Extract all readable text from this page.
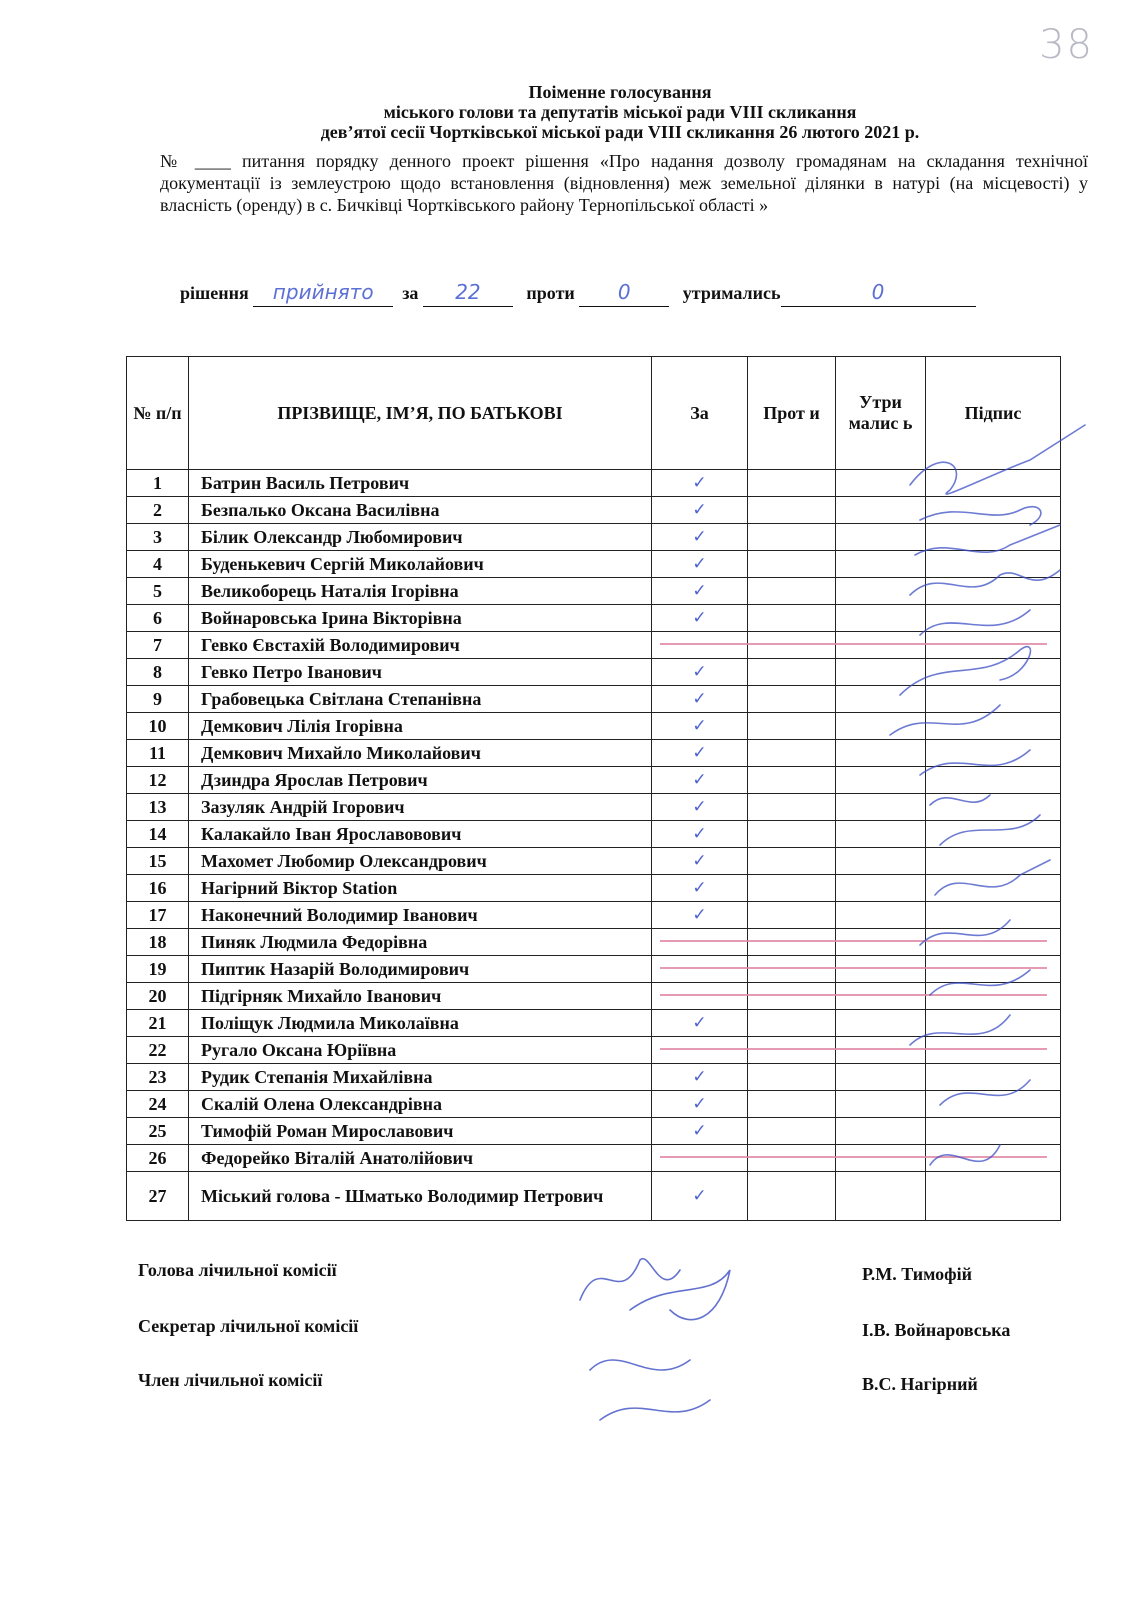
38

Поіменне голосування

міського голови та депутатів міської ради VIII скликання

дев’ятої сесії Чортківської міської ради VIII скликання 26 лютого 2021 р.

№ ____ питання порядку денного проект рішення «Про надання дозволу громадянам на складання технічної документації із землеустрою щодо встановлення (відновлення) меж земельної ділянки в натурі (на місцевості) у власність (оренду) в с. Бичківці Чортківського району Тернопільської області »
рішення прийнято за 22	проти 0	утримались	0
№ п/п	ПРІЗВИЩЕ, ІМ’Я, ПО БАТЬКОВІ	За	Прот и	Утри малис ь	Підпис
1	Батрин Василь Петрович	✓			
2	Безпалько Оксана Василівна	✓			
3	Білик Олександр Любомирович	✓			
4	Буденькевич Сергій Миколайович	✓			
5	Великоборець Наталія Ігорівна	✓			
6	Войнаровська Ірина Вікторівна	✓			
7	Гевко Євстахій Володимирович	

8	Гевко Петро Іванович	✓			
9	Грабовецька Світлана Степанівна	✓			
10	Демкович Лілія Ігорівна	✓			
11	Демкович Михайло Миколайович	✓			
12	Дзиндра Ярослав Петрович	✓			
13	Зазуляк Андрій Ігорович	✓			
14	Калакайло Іван Ярославовович	✓			
15	Махомет Любомир Олександрович	✓			
16	Нагірний Віктор Station	✓			
17	Наконечний Володимир Іванович	✓			
18	Пиняк Людмила Федорівна	

19	Пиптик Назарій Володимирович	

20	Підгірняк Михайло Іванович	

21	Поліщук Людмила Миколаївна	✓			
22	Ругало Оксана Юріївна	

23	Рудик Степанія Михайлівна	✓			
24	Скалій Олена Олександрівна	✓			
25	Тимофій Роман Мирославович	✓			
26	Федорейко Віталій Анатолійович	

27	Міський голова - Шматько Володимир Петрович	✓			
Голова лічильної комісії	Р.М. Тимофій
Секретар лічильної комісії	І.В. Войнаровська
Член лічильної комісії	В.С. Нагірний
